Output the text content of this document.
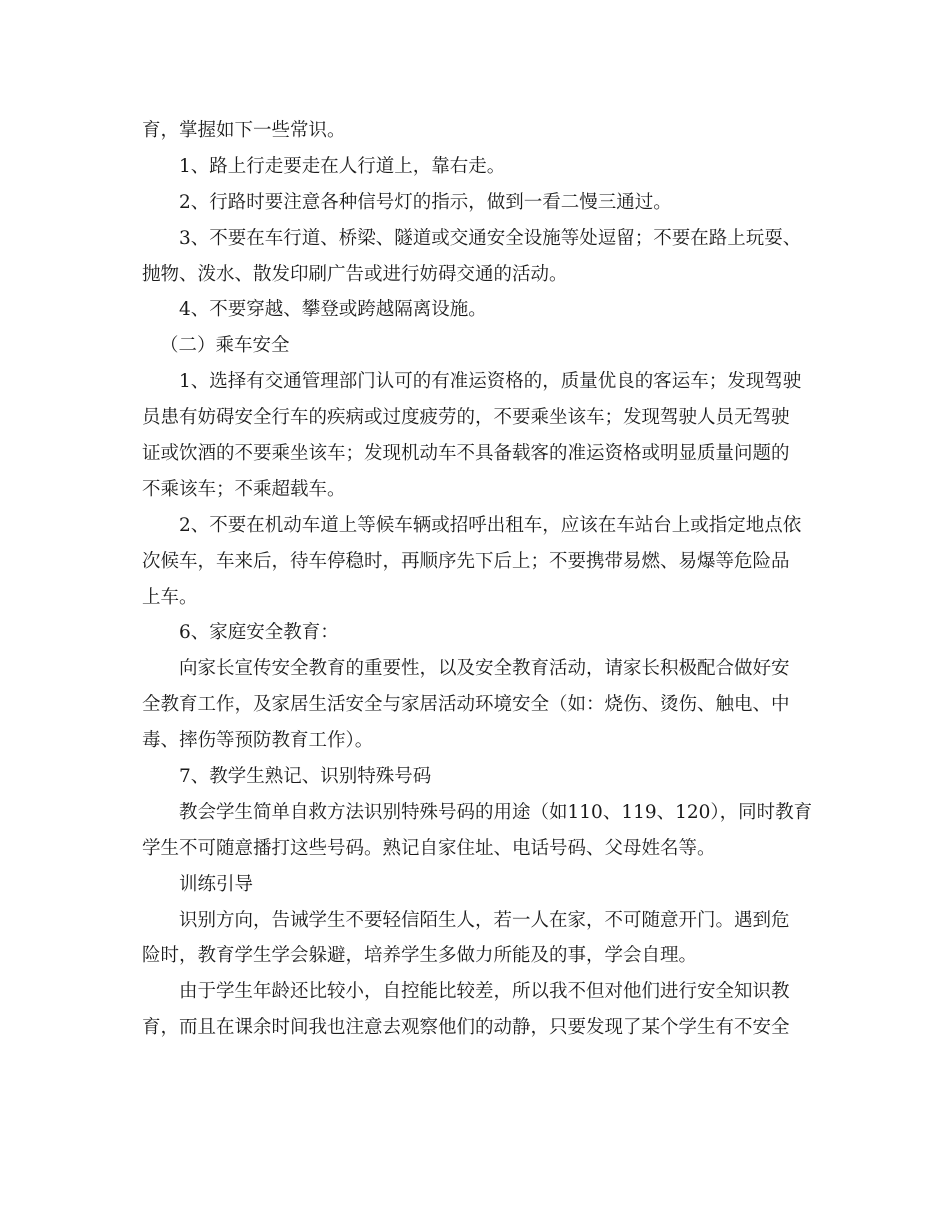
育，掌握如下一些常识。
1、路上行走要走在人行道上，靠右走。
2、行路时要注意各种信号灯的指示，做到一看二慢三通过。
3、不要在车行道、桥梁、隧道或交通安全设施等处逗留；不要在路上玩耍、
抛物、泼水、散发印刷广告或进行妨碍交通的活动。
4、不要穿越、攀登或跨越隔离设施。
（二）乘车安全
1、选择有交通管理部门认可的有准运资格的，质量优良的客运车；发现驾驶
员患有妨碍安全行车的疾病或过度疲劳的，不要乘坐该车；发现驾驶人员无驾驶
证或饮酒的不要乘坐该车；发现机动车不具备载客的准运资格或明显质量问题的
不乘该车；不乘超载车。
2、不要在机动车道上等候车辆或招呼出租车，应该在车站台上或指定地点依
次候车，车来后，待车停稳时，再顺序先下后上；不要携带易燃、易爆等危险品
上车。
6、家庭安全教育：
向家长宣传安全教育的重要性，以及安全教育活动，请家长积极配合做好安
全教育工作，及家居生活安全与家居活动环境安全（如：烧伤、烫伤、触电、中
毒、摔伤等预防教育工作）。
7、教学生熟记、识别特殊号码
教会学生简单自救方法识别特殊号码的用途（如110、119、120），同时教育
学生不可随意播打这些号码。熟记自家住址、电话号码、父母姓名等。
训练引导
识别方向，告诫学生不要轻信陌生人，若一人在家，不可随意开门。遇到危
险时，教育学生学会躲避，培养学生多做力所能及的事，学会自理。
由于学生年龄还比较小，自控能比较差，所以我不但对他们进行安全知识教
育，而且在课余时间我也注意去观察他们的动静，只要发现了某个学生有不安全
